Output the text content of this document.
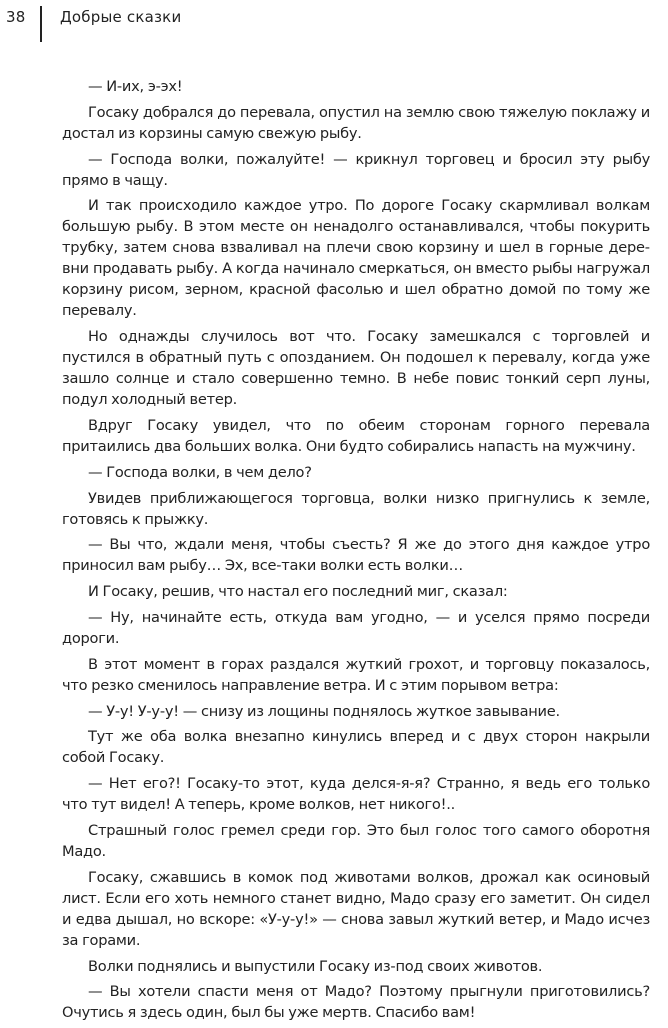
38 Добрые сказки

— И-их, э-эх!

Госаку добрался до перевала, опустил на землю свою тяжелую поклажу и достал из корзины самую свежую рыбу.

— Господа волки, пожалуйте! — крикнул торговец и бросил эту рыбу прямо в чащу.

И так происходило каждое утро. По дороге Госаку скармливал волкам большую рыбу. В этом месте он ненадолго останавливался, чтобы покурить трубку, затем снова взваливал на плечи свою корзину и шел в горные деревни продавать рыбу. А когда начинало смеркаться, он вместо рыбы нагружал корзину рисом, зерном, красной фасолью и шел обратно домой по тому же перевалу.

Но однажды случилось вот что. Госаку замешкался с торговлей и пустился в обратный путь с опозданием. Он подошел к перевалу, когда уже зашло солнце и стало совершенно темно. В небе повис тонкий серп луны, подул холодный ветер.

Вдруг Госаку увидел, что по обеим сторонам горного перевала притаились два больших волка. Они будто собирались напасть на мужчину.

— Господа волки, в чем дело?

Увидев приближающегося торговца, волки низко пригнулись к земле, готовясь к прыжку.

— Вы что, ждали меня, чтобы съесть? Я же до этого дня каждое утро приносил вам рыбу… Эх, все-таки волки есть волки…

И Госаку, решив, что настал его последний миг, сказал:

— Ну, начинайте есть, откуда вам угодно, — и уселся прямо посреди дороги.

В этот момент в горах раздался жуткий грохот, и торговцу показалось, что резко сменилось направление ветра. И с этим порывом ветра:

— У-у! У-у-у! — снизу из лощины поднялось жуткое завывание.

Тут же оба волка внезапно кинулись вперед и с двух сторон накрыли собой Госаку.

— Нет его?! Госаку-то этот, куда делся-я-я? Странно, я ведь его только что тут видел! А теперь, кроме волков, нет никого!..

Страшный голос гремел среди гор. Это был голос того самого оборотня Мадо.

Госаку, сжавшись в комок под животами волков, дрожал как осиновый лист. Если его хоть немного станет видно, Мадо сразу его заметит. Он сидел и едва дышал, но вскоре: «У-у-у!» — снова завыл жуткий ветер, и Мадо исчез за горами.

Волки поднялись и выпустили Госаку из-под своих животов.

— Вы хотели спасти меня от Мадо? Поэтому прыгнули приготовились? Очутись я здесь один, был бы уже мертв. Спасибо вам!
